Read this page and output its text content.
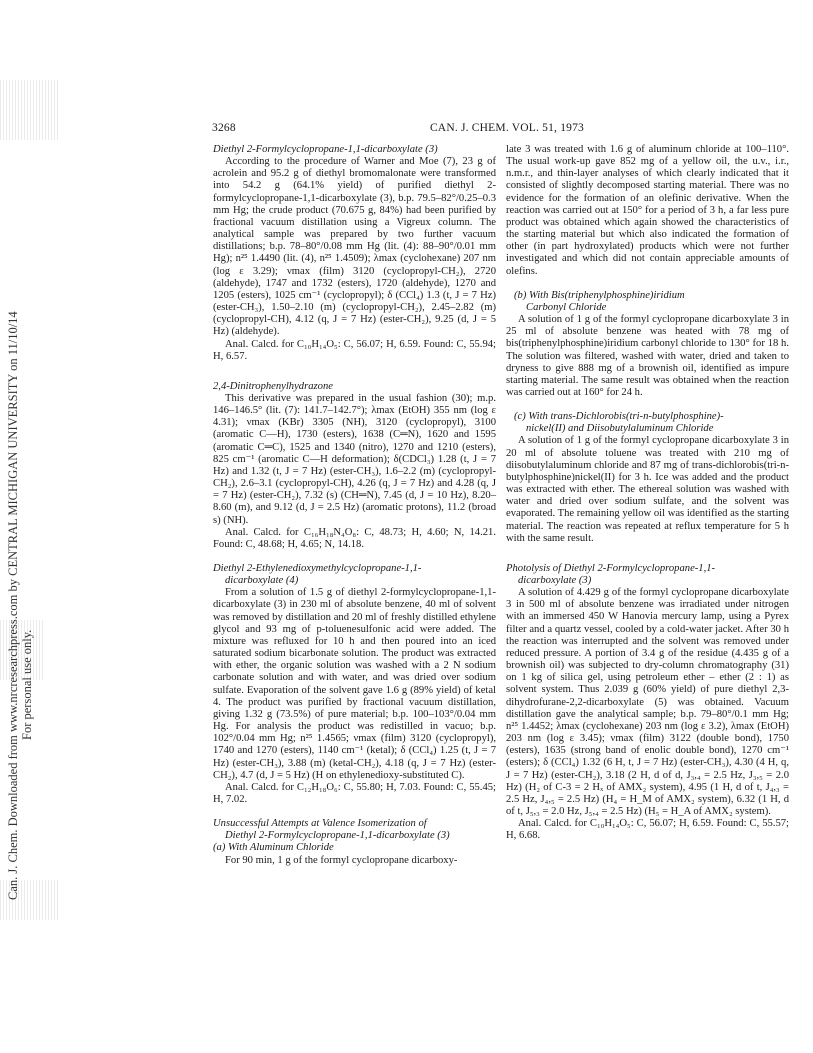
Can. J. Chem. Downloaded from www.nrcresearchpress.com by CENTRAL MICHIGAN UNIVERSITY on 11/10/14 For personal use only.
3268	CAN. J. CHEM. VOL. 51, 1973

Diethyl 2-Formylcyclopropane-1,1-dicarboxylate (3)

According to the procedure of Warner and Moe (7), 23 g of acrolein and 95.2 g of diethyl bromomalonate were transformed into 54.2 g (64.1% yield) of purified diethyl 2-formylcyclopropane-1,1-dicarboxylate (3), b.p. 79.5–82°/0.25–0.3 mm Hg; the crude product (70.675 g, 84%) had been purified by fractional vacuum distillation using a Vigreux column. The analytical sample was prepared by two further vacuum distillations; b.p. 78–80°/0.08 mm Hg (lit. (4): 88–90°/0.01 mm Hg); n²⁵ 1.4490 (lit. (4), n²⁵ 1.4509); λmax (cyclohexane) 207 nm (log ε 3.29); νmax (film) 3120 (cyclopropyl-CH₂), 2720 (aldehyde), 1747 and 1732 (esters), 1720 (aldehyde), 1270 and 1205 (esters), 1025 cm⁻¹ (cyclopropyl); δ (CCl₄) 1.3 (t, J = 7 Hz) (ester-CH₃), 1.50–2.10 (m) (cyclopropyl-CH₂), 2.45–2.82 (m) (cyclopropyl-CH), 4.12 (q, J = 7 Hz) (ester-CH₂), 9.25 (d, J = 5 Hz) (aldehyde).

Anal. Calcd. for C₁₀H₁₄O₅: C, 56.07; H, 6.59. Found: C, 55.94; H, 6.57.

2,4-Dinitrophenylhydrazone

This derivative was prepared in the usual fashion (30); m.p. 146–146.5° (lit. (7): 141.7–142.7°); λmax (EtOH) 355 nm (log ε 4.31); νmax (KBr) 3305 (NH), 3120 (cyclopropyl), 3100 (aromatic C—H), 1730 (esters), 1638 (C═N), 1620 and 1595 (aromatic C═C), 1525 and 1340 (nitro), 1270 and 1210 (esters), 825 cm⁻¹ (aromatic C—H deformation); δ(CDCl₃) 1.28 (t, J = 7 Hz) and 1.32 (t, J = 7 Hz) (ester-CH₃), 1.6–2.2 (m) (cyclopropyl-CH₂), 2.6–3.1 (cyclopropyl-CH), 4.26 (q, J = 7 Hz) and 4.28 (q, J = 7 Hz) (ester-CH₂), 7.32 (s) (CH═N), 7.45 (d, J = 10 Hz), 8.20–8.60 (m), and 9.12 (d, J = 2.5 Hz) (aromatic protons), 11.2 (broad s) (NH).

Anal. Calcd. for C₁₆H₁₈N₄O₈: C, 48.73; H, 4.60; N, 14.21. Found: C, 48.68; H, 4.65; N, 14.18.

Diethyl 2-Ethylenedioxymethylcyclopropane-1,1-

dicarboxylate (4)

From a solution of 1.5 g of diethyl 2-formylcyclopropane-1,1-dicarboxylate (3) in 230 ml of absolute benzene, 40 ml of solvent was removed by distillation and 20 ml of freshly distilled ethylene glycol and 93 mg of p-toluenesulfonic acid were added. The mixture was refluxed for 10 h and then poured into an iced saturated sodium bicarbonate solution. The product was extracted with ether, the organic solution was washed with a 2 N sodium carbonate solution and with water, and was dried over sodium sulfate. Evaporation of the solvent gave 1.6 g (89% yield) of ketal 4. The product was purified by fractional vacuum distillation, giving 1.32 g (73.5%) of pure material; b.p. 100–103°/0.04 mm Hg. For analysis the product was redistilled in vacuo; b.p. 102°/0.04 mm Hg; n²⁵ 1.4565; νmax (film) 3120 (cyclopropyl), 1740 and 1270 (esters), 1140 cm⁻¹ (ketal); δ (CCl₄) 1.25 (t, J = 7 Hz) (ester-CH₃), 3.88 (m) (ketal-CH₂), 4.18 (q, J = 7 Hz) (ester-CH₂), 4.7 (d, J = 5 Hz) (H on ethylenedioxy-substituted C).

Anal. Calcd. for C₁₂H₁₈O₆: C, 55.80; H, 7.03. Found: C, 55.45; H, 7.02.

Unsuccessful Attempts at Valence Isomerization of

Diethyl 2-Formylcyclopropane-1,1-dicarboxylate (3)

(a) With Aluminum Chloride

For 90 min, 1 g of the formyl cyclopropane dicarboxy-

late 3 was treated with 1.6 g of aluminum chloride at 100–110°. The usual work-up gave 852 mg of a yellow oil, the u.v., i.r., n.m.r., and thin-layer analyses of which clearly indicated that it consisted of slightly decomposed starting material. There was no evidence for the formation of an olefinic derivative. When the reaction was carried out at 150° for a period of 3 h, a far less pure product was obtained which again showed the characteristics of the starting material but which also indicated the formation of other (in part hydroxylated) products which were not further investigated and which did not contain appreciable amounts of olefins.

(b) With Bis(triphenylphosphine)iridium

Carbonyl Chloride

A solution of 1 g of the formyl cyclopropane dicarboxylate 3 in 25 ml of absolute benzene was heated with 78 mg of bis(triphenylphosphine)iridium carbonyl chloride to 130° for 18 h. The solution was filtered, washed with water, dried and taken to dryness to give 888 mg of a brownish oil, identified as impure starting material. The same result was obtained when the reaction was carried out at 160° for 24 h.

(c) With trans-Dichlorobis(tri-n-butylphosphine)-

nickel(II) and Diisobutylaluminum Chloride

A solution of 1 g of the formyl cyclopropane dicarboxylate 3 in 20 ml of absolute toluene was treated with 210 mg of diisobutylaluminum chloride and 87 mg of trans-dichlorobis(tri-n-butylphosphine)nickel(II) for 3 h. Ice was added and the product was extracted with ether. The ethereal solution was washed with water and dried over sodium sulfate, and the solvent was evaporated. The remaining yellow oil was identified as the starting material. The reaction was repeated at reflux temperature for 5 h with the same result.

Photolysis of Diethyl 2-Formylcyclopropane-1,1-

dicarboxylate (3)

A solution of 4.429 g of the formyl cyclopropane dicarboxylate 3 in 500 ml of absolute benzene was irradiated under nitrogen with an immersed 450 W Hanovia mercury lamp, using a Pyrex filter and a quartz vessel, cooled by a cold-water jacket. After 30 h the reaction was interrupted and the solvent was removed under reduced pressure. A portion of 3.4 g of the residue (4.435 g of a brownish oil) was subjected to dry-column chromatography (31) on 1 kg of silica gel, using petroleum ether – ether (2 : 1) as solvent system. Thus 2.039 g (60% yield) of pure diethyl 2,3-dihydrofurane-2,2-dicarboxylate (5) was obtained. Vacuum distillation gave the analytical sample; b.p. 79–80°/0.1 mm Hg; n²⁵ 1.4452; λmax (cyclohexane) 203 nm (log ε 3.2), λmax (EtOH) 203 nm (log ε 3.45); νmax (film) 3122 (double bond), 1750 (esters), 1635 (strong band of enolic double bond), 1270 cm⁻¹ (esters); δ (CCl₄) 1.32 (6 H, t, J = 7 Hz) (ester-CH₃), 4.30 (4 H, q, J = 7 Hz) (ester-CH₂), 3.18 (2 H, d of d, J₃,₄ = 2.5 Hz, J₃,₅ = 2.0 Hz) (H₂ of C-3 = 2 Hₓ of AMX₂ system), 4.95 (1 H, d of t, J₄,₃ = 2.5 Hz, J₄,₅ = 2.5 Hz) (H₄ = H_M of AMX₂ system), 6.32 (1 H, d of t, J₅,₃ = 2.0 Hz, J₅,₄ = 2.5 Hz) (H₅ = H_A of AMX₂ system).

Anal. Calcd. for C₁₀H₁₄O₅: C, 56.07; H, 6.59. Found: C, 55.57; H, 6.68.
